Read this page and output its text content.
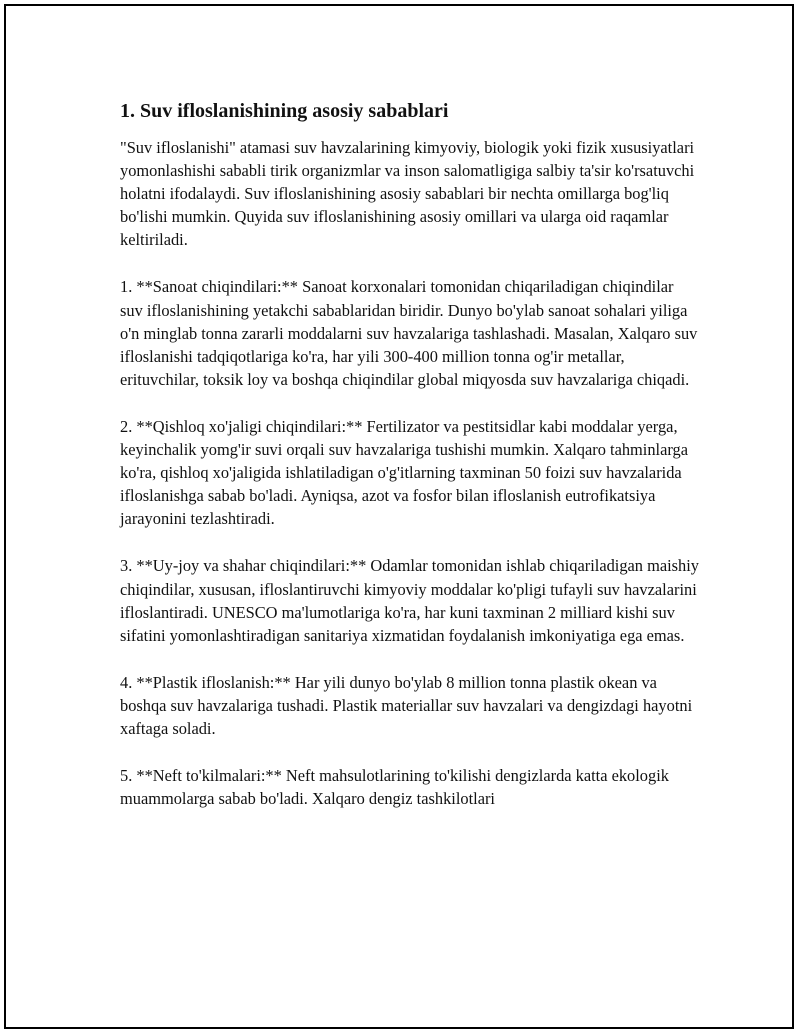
1. Suv ifloslanishining asosiy sabablari

"Suv ifloslanishi" atamasi suv havzalarining kimyoviy, biologik yoki fizik xususiyatlari yomonlashishi sababli tirik organizmlar va inson salomatligiga salbiy ta'sir ko'rsatuvchi holatni ifodalaydi. Suv ifloslanishining asosiy sabablari bir nechta omillarga bog'liq bo'lishi mumkin. Quyida suv ifloslanishining asosiy omillari va ularga oid raqamlar keltiriladi.

1. **Sanoat chiqindilari:** Sanoat korxonalari tomonidan chiqariladigan chiqindilar suv ifloslanishining yetakchi sabablaridan biridir. Dunyo bo'ylab sanoat sohalari yiliga o'n minglab tonna zararli moddalarni suv havzalariga tashlashadi. Masalan, Xalqaro suv ifloslanishi tadqiqotlariga ko'ra, har yili 300-400 million tonna og'ir metallar, erituvchilar, toksik loy va boshqa chiqindilar global miqyosda suv havzalariga chiqadi.

2. **Qishloq xo'jaligi chiqindilari:** Fertilizator va pestitsidlar kabi moddalar yerga, keyinchalik yomg'ir suvi orqali suv havzalariga tushishi mumkin. Xalqaro tahminlarga ko'ra, qishloq xo'jaligida ishlatiladigan o'g'itlarning taxminan 50 foizi suv havzalarida ifloslanishga sabab bo'ladi. Ayniqsa, azot va fosfor bilan ifloslanish eutrofikatsiya jarayonini tezlashtiradi.

3. **Uy-joy va shahar chiqindilari:** Odamlar tomonidan ishlab chiqariladigan maishiy chiqindilar, xususan, ifloslantiruvchi kimyoviy moddalar ko'pligi tufayli suv havzalarini ifloslantiradi. UNESCO ma'lumotlariga ko'ra, har kuni taxminan 2 milliard kishi suv sifatini yomonlashtiradigan sanitariya xizmatidan foydalanish imkoniyatiga ega emas.

4. **Plastik ifloslanish:** Har yili dunyo bo'ylab 8 million tonna plastik okean va boshqa suv havzalariga tushadi. Plastik materiallar suv havzalari va dengizdagi hayotni xaftaga soladi.

5. **Neft to'kilmalari:** Neft mahsulotlarining to'kilishi dengizlarda katta ekologik muammolarga sabab bo'ladi. Xalqaro dengiz tashkilotlari
